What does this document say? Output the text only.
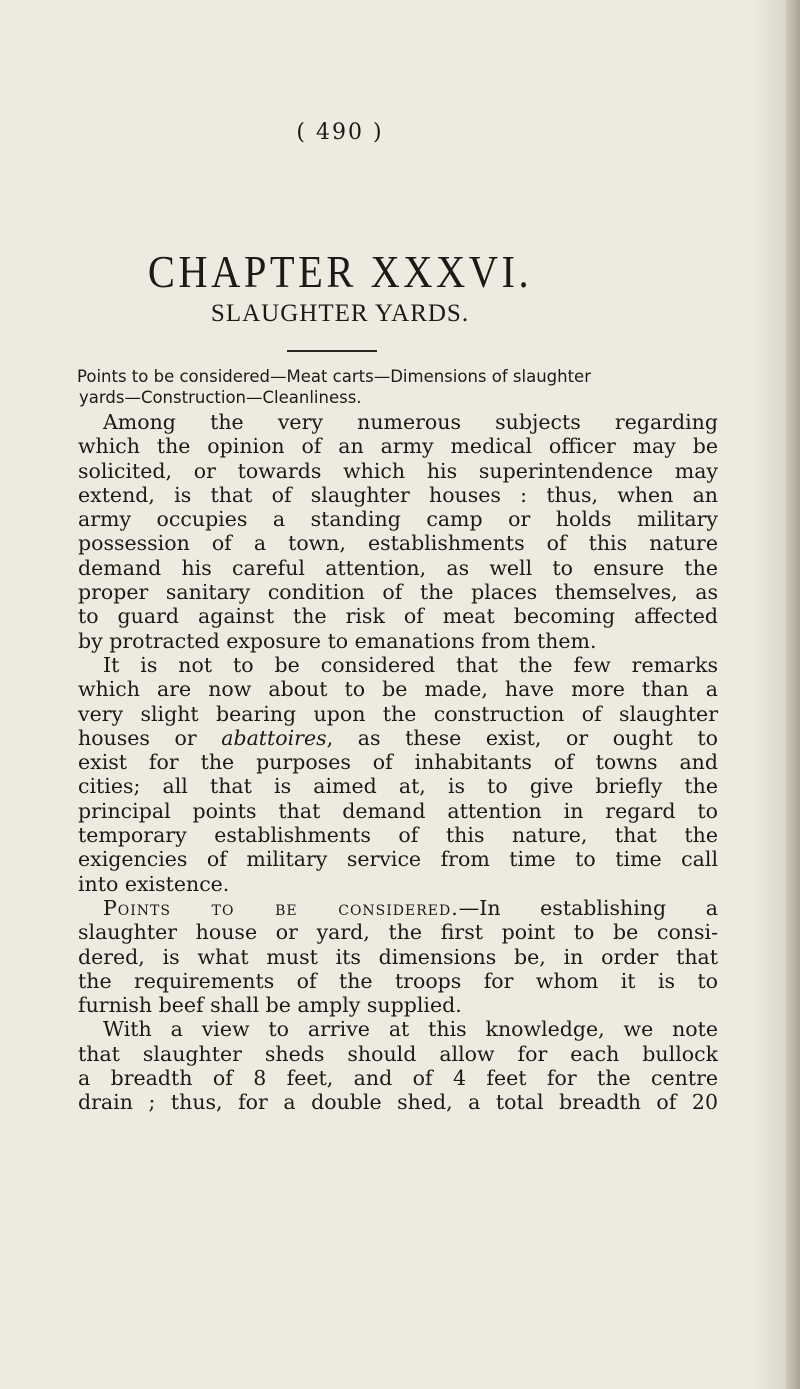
( 490 )
CHAPTER XXXVI.
SLAUGHTER YARDS.
Points to be considered—Meat carts—Dimensions of slaughter
yards—Construction—Cleanliness.
Among the very numerous subjects regarding
which the opinion of an army medical officer may be
solicited, or towards which his superintendence may
extend, is that of slaughter houses : thus, when an
army occupies a standing camp or holds military
possession of a town, establishments of this nature
demand his careful attention, as well to ensure the
proper sanitary condition of the places themselves, as
to guard against the risk of meat becoming affected
by protracted exposure to emanations from them.
It is not to be considered that the few remarks
which are now about to be made, have more than a
very slight bearing upon the construction of slaughter
houses or abattoires, as these exist, or ought to
exist for the purposes of inhabitants of towns and
cities; all that is aimed at, is to give briefly the
principal points that demand attention in regard to
temporary establishments of this nature, that the
exigencies of military service from time to time call
into existence.
Points to be considered.—In establishing a
slaughter house or yard, the first point to be consi-
dered, is what must its dimensions be, in order that
the requirements of the troops for whom it is to
furnish beef shall be amply supplied.
With a view to arrive at this knowledge, we note
that slaughter sheds should allow for each bullock
a breadth of 8 feet, and of 4 feet for the centre
drain ; thus, for a double shed, a total breadth of 20
